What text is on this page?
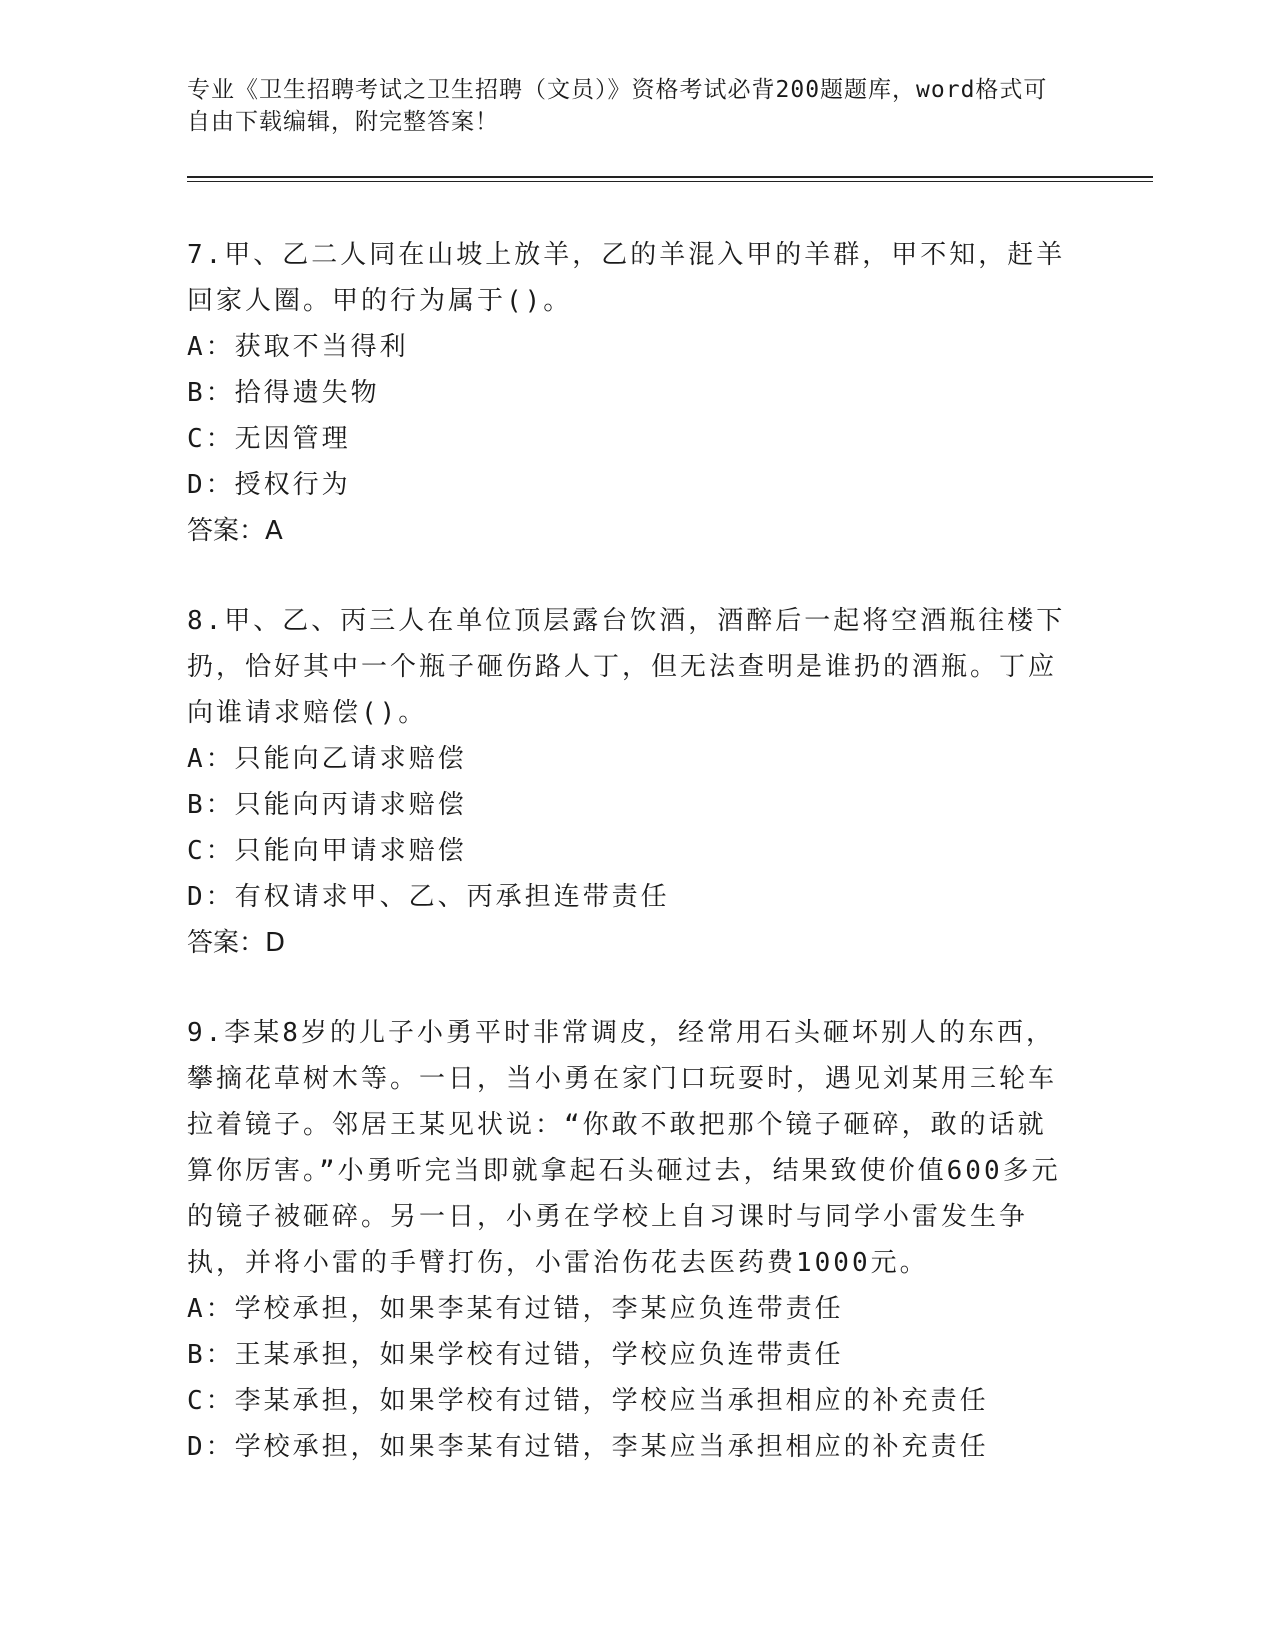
专业《卫生招聘考试之卫生招聘（文员）》资格考试必背200题题库，word格式可自由下载编辑，附完整答案！

7.甲、乙二人同在山坡上放羊，乙的羊混入甲的羊群，甲不知，赶羊回家人圈。甲的行为属于()。

A：获取不当得利

B：拾得遗失物

C：无因管理

D：授权行为

答案：A

8.甲、乙、丙三人在单位顶层露台饮酒，酒醉后一起将空酒瓶往楼下扔，恰好其中一个瓶子砸伤路人丁，但无法查明是谁扔的酒瓶。丁应向谁请求赔偿()。

A：只能向乙请求赔偿

B：只能向丙请求赔偿

C：只能向甲请求赔偿

D：有权请求甲、乙、丙承担连带责任

答案：D

9.李某8岁的儿子小勇平时非常调皮，经常用石头砸坏别人的东西，攀摘花草树木等。一日，当小勇在家门口玩耍时，遇见刘某用三轮车拉着镜子。邻居王某见状说：“你敢不敢把那个镜子砸碎，敢的话就算你厉害。”小勇听完当即就拿起石头砸过去，结果致使价值600多元的镜子被砸碎。另一日，小勇在学校上自习课时与同学小雷发生争执，并将小雷的手臂打伤，小雷治伤花去医药费1000元。

A：学校承担，如果李某有过错，李某应负连带责任

B：王某承担，如果学校有过错，学校应负连带责任

C：李某承担，如果学校有过错，学校应当承担相应的补充责任

D：学校承担，如果李某有过错，李某应当承担相应的补充责任
